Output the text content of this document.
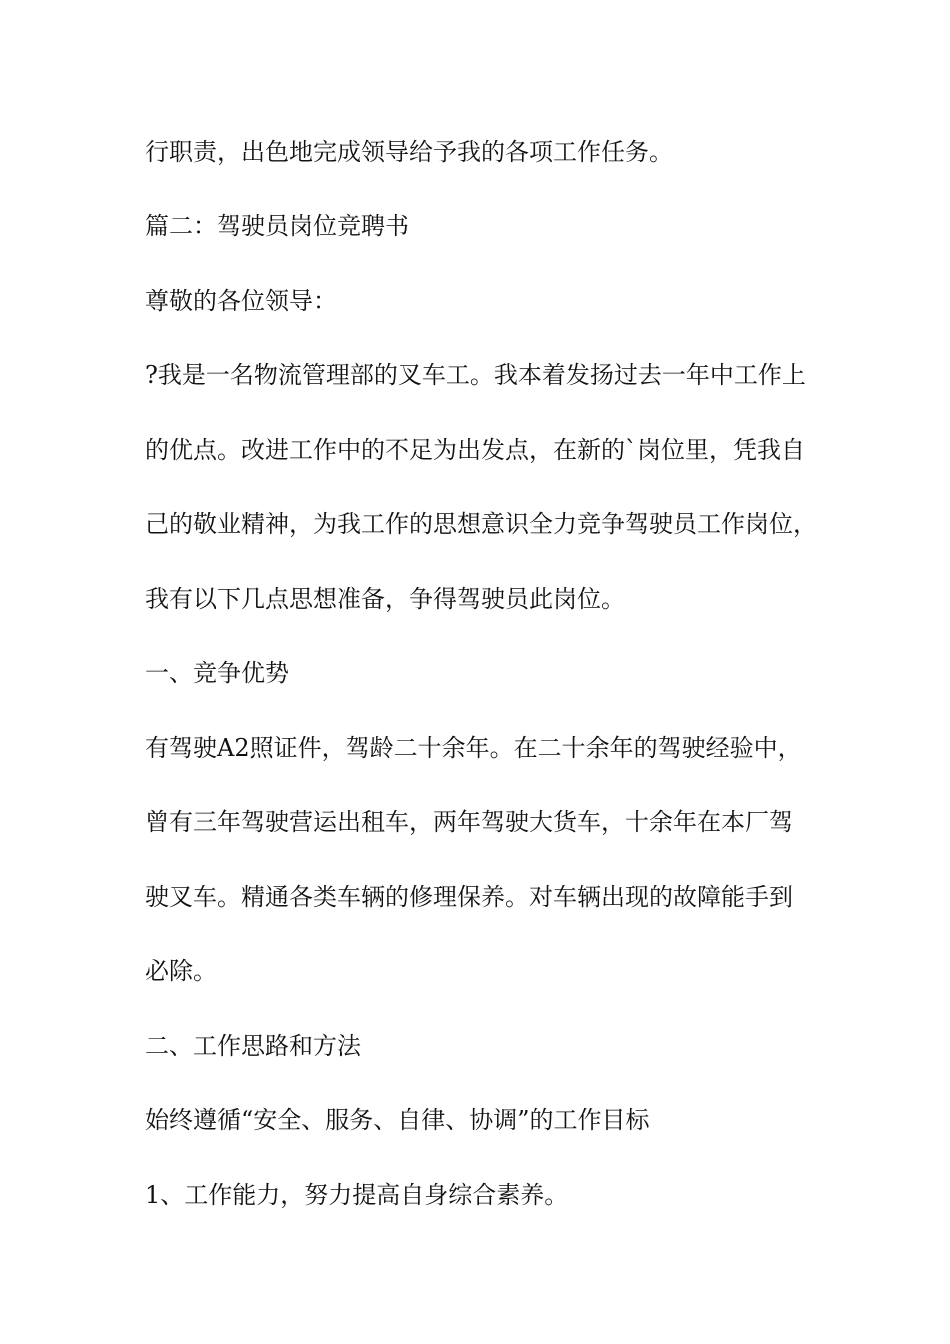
行职责，出色地完成领导给予我的各项工作任务。

篇二：驾驶员岗位竞聘书

尊敬的各位领导：

?我是一名物流管理部的叉车工。我本着发扬过去一年中工作上

的优点。改进工作中的不足为出发点，在新的`岗位里，凭我自

己的敬业精神，为我工作的思想意识全力竞争驾驶员工作岗位，

我有以下几点思想准备，争得驾驶员此岗位。

一、竞争优势

有驾驶A2照证件，驾龄二十余年。在二十余年的驾驶经验中，

曾有三年驾驶营运出租车，两年驾驶大货车，十余年在本厂驾

驶叉车。精通各类车辆的修理保养。对车辆出现的故障能手到

必除。

二、工作思路和方法

始终遵循“安全、服务、自律、协调”的工作目标

1、工作能力，努力提高自身综合素养。
